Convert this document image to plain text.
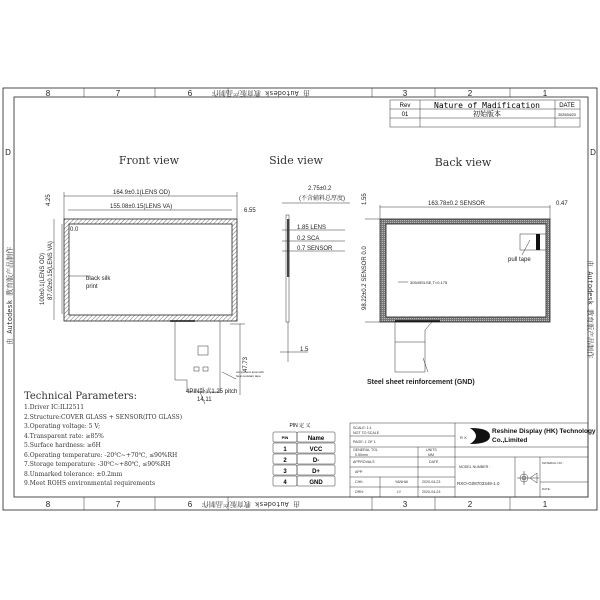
8	7	6	3	2	1
8	7	6	3	2	1
D	D
由 Autodesk 教育版产品制作
由 Autodesk 教育版产品制作
由 Autodesk 教育版产品制作	由 Autodesk 教育版产品制作
Rev	Nature of Madification	DATE
01	初始版本	2020/04/23
Front view	Side view	Back view
164.9±0.1(LENS OD)
155.08±0.15(LENS VA)
6.55
4.25
100±0.1(LENS OD) 87.02±0.15(LENS VA)
0.0
black silk
print
47.73
component area with
heat resistant tape
4PIN卧式1.25 pitch
14.11
2.75±0.2
(不含辅料总厚度)
1.85 LENS
0.2 SCA
0.7 SENSOR
1.5
163.78±0.2 SENSOR	0.47
1.55
98.22±0.2 SENSOR 0.0	pull tape
30549SLSE,T=0.175
Steel sheet reinforcement (GND)
Technical Parameters:
1.Driver IC:ILI2511
2.Structure:COVER GLASS + SENSOR(ITO GLASS)
3.Operating voltage: 5 V;
4.Transparent rate: ≥85%
5.Surface hardness: ≥6H
6.Operating temperature: -20℃~+70℃, ≤90%RH
7.Storage temperature: -30℃~+80℃, ≤90%RH
8.Unmarked tolerance: ±0.2mm
9.Meet ROHS environmental requirements
PIN 定 义
PIN	Name
1	VCC
2	D-
3	D+
4	GND
SCALE: 1:1
NOT TO SCALE
PAGE: 1 OF 1
GENERAL TOL
0.50mm
UNITS
MM
APPROVALS	DATE
APP:
CHK:	YANHAI	2020-04-23
DRN:	LY	2020-04-23
MODEL NUMBER :
MATERIAL NO.:
DATE:
RXO-G08703349-1.0
R X
Reshine Display (HK) Technology
Co.,Limited
